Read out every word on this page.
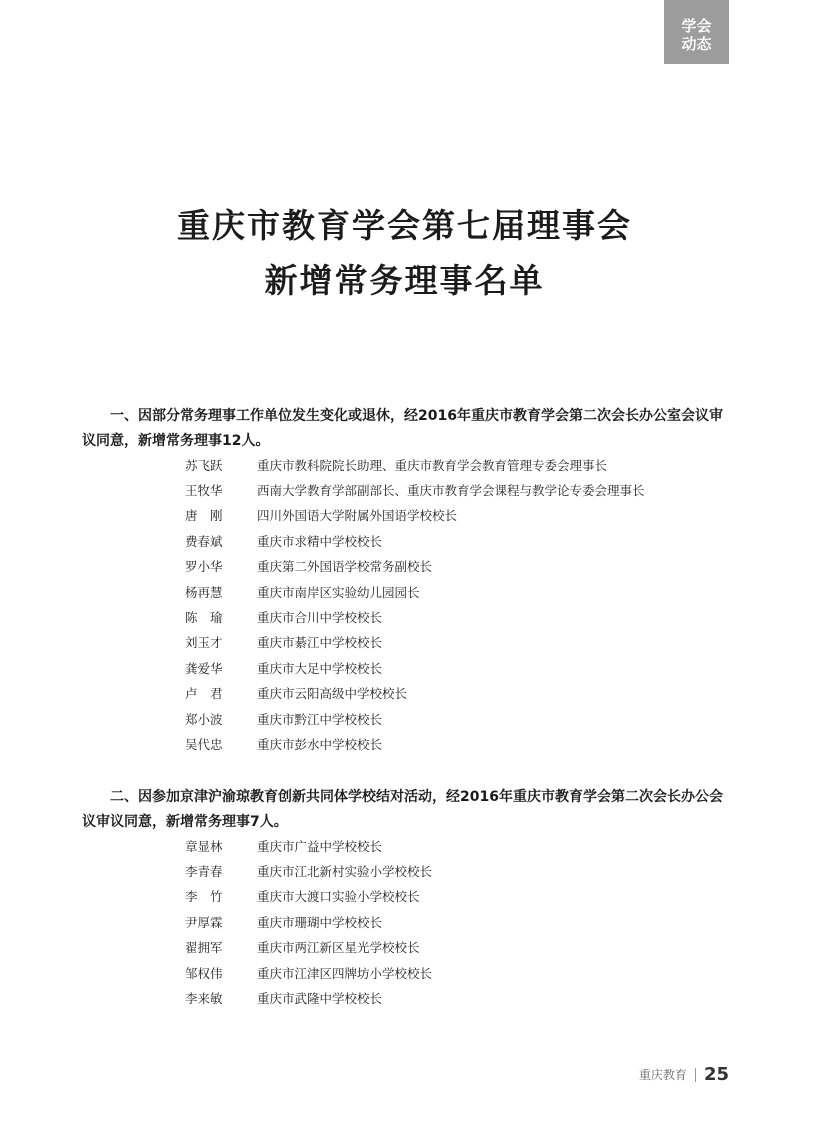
学会
动态
重庆市教育学会第七届理事会
新增常务理事名单
一、因部分常务理事工作单位发生变化或退休，经2016年重庆市教育学会第二次会长办公室会议审议同意，新增常务理事12人。
苏飞跃	重庆市教科院院长助理、重庆市教育学会教育管理专委会理事长
王牧华	西南大学教育学部副部长、重庆市教育学会课程与教学论专委会理事长
唐　刚	四川外国语大学附属外国语学校校长
费春斌	重庆市求精中学校校长
罗小华	重庆第二外国语学校常务副校长
杨再慧	重庆市南岸区实验幼儿园园长
陈　瑜	重庆市合川中学校校长
刘玉才	重庆市綦江中学校校长
龚爱华	重庆市大足中学校校长
卢　君	重庆市云阳高级中学校校长
郑小波	重庆市黔江中学校校长
吴代忠	重庆市彭水中学校校长
二、因参加京津沪渝琼教育创新共同体学校结对活动，经2016年重庆市教育学会第二次会长办公会议审议同意，新增常务理事7人。
章显林	重庆市广益中学校校长
李青春	重庆市江北新村实验小学校校长
李　竹	重庆市大渡口实验小学校校长
尹厚霖	重庆市珊瑚中学校校长
翟拥军	重庆市两江新区星光学校校长
邹权伟	重庆市江津区四牌坊小学校校长
李来敏	重庆市武隆中学校校长
重庆教育 25
